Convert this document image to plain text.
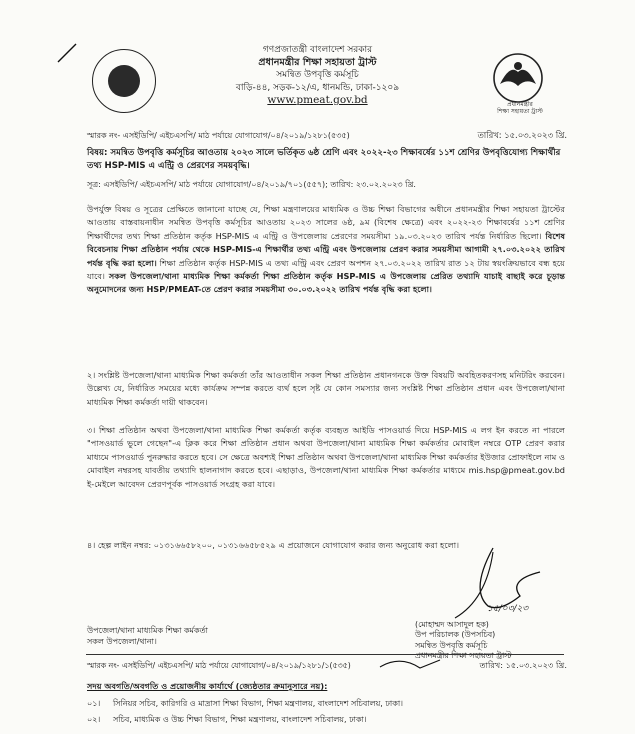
গণপ্রজাতন্ত্রী বাংলাদেশ সরকার
প্রধানমন্ত্রীর শিক্ষা সহায়তা ট্রাস্ট
সমন্বিত উপবৃত্তি কর্মসূচি
বাড়ি-৪৪, সড়ক-১২/এ, ধানমন্ডি, ঢাকা-১২০৯
www.pmeat.gov.bd	প্রধানমন্ত্রীর
শিক্ষা সহায়তা ট্রাস্ট
স্মারক নং- এসইডিপি/ এইচএসপি/ মাঠ পর্যায়ে যোগাযোগ/০৪/২০১৯/১২৮১(৫৩৫)	তারিখ: ১৫.০৩.২০২৩ খ্রি.
বিষয়: সমন্বিত উপবৃত্তি কর্মসূচির আওতায় ২০২৩ সালে ভর্তিকৃত ৬ষ্ঠ শ্রেণি এবং ২০২২-২৩ শিক্ষাবর্ষের ১১শ শ্রেণির উপবৃত্তিযোগ্য শিক্ষার্থীর তথ্য HSP-MIS এ এন্ট্রি ও প্রেরণের সময়বৃদ্ধি।
সূত্র: এসইডিপি/ এইচএসপি/ মাঠ পর্যায়ে যোগাযোগ/০৪/২০১৯/৭০১(৫৫৭); তারিখ: ২৩.০২.২০২৩ খ্রি.
উপর্যুক্ত বিষয় ও সূত্রের প্রেক্ষিতে জানানো যাচ্ছে যে, শিক্ষা মন্ত্রণালয়ের মাধ্যমিক ও উচ্চ শিক্ষা বিভাগের অধীনে প্রধানমন্ত্রীর শিক্ষা সহায়তা ট্রাস্টের আওতায় বাস্তবায়নাধীন সমন্বিত উপবৃত্তি কর্মসূচির আওতায় ২০২৩ সালের ৬ষ্ঠ, ৯ম (বিশেষ ক্ষেত্রে) এবং ২০২২-২৩ শিক্ষাবর্ষের ১১শ শ্রেণির শিক্ষার্থীদের তথ্য শিক্ষা প্রতিষ্ঠান কর্তৃক HSP-MIS এ এন্ট্রি ও উপজেলায় প্রেরণের সময়সীমা ১৯.০৩.২০২৩ তারিখ পর্যন্ত নির্ধারিত ছিলো। বিশেষ বিবেচনায় শিক্ষা প্রতিষ্ঠান পর্যায় থেকে HSP-MIS-এ শিক্ষার্থীর তথ্য এন্ট্রি এবং উপজেলায় প্রেরণ করার সময়সীমা আগামী ২৭.০৩.২০২২ তারিখ পর্যন্ত বৃদ্ধি করা হলো। শিক্ষা প্রতিষ্ঠান কর্তৃক HSP-MIS এ তথ্য এন্ট্রি এবং প্রেরণ অপশন ২৭.০৩.২০২২ তারিখ রাত ১২ টায় স্বয়ংক্রিয়ভাবে বন্ধ হয়ে যাবে। সকল উপজেলা/থানা মাধ্যমিক শিক্ষা কর্মকর্তা শিক্ষা প্রতিষ্ঠান কর্তৃক HSP-MIS এ উপজেলায় প্রেরিত তথ্যাদি যাচাই বাছাই করে চূড়ান্ত অনুমোদনের জন্য HSP/PMEAT-তে প্রেরণ করার সময়সীমা ৩০.০৩.২০২২ তারিখ পর্যন্ত বৃদ্ধি করা হলো।
২। সংশ্লিষ্ট উপজেলা/থানা মাধ্যমিক শিক্ষা কর্মকর্তা তাঁর আওতাধীন সকল শিক্ষা প্রতিষ্ঠান প্রধানগনকে উক্ত বিষয়টি অবহিতকরণসহ মনিটরিং করবেন। উল্লেখ্য যে, নির্ধারিত সময়ের মধ্যে কার্যক্রম সম্পন্ন করতে ব্যর্থ হলে সৃষ্ট যে কোন সমস্যার জন্য সংশ্লিষ্ট শিক্ষা প্রতিষ্ঠান প্রধান এবং উপজেলা/থানা মাধ্যমিক শিক্ষা কর্মকর্তা দায়ী থাকবেন।
৩। শিক্ষা প্রতিষ্ঠান অথবা উপজেলা/থানা মাধ্যমিক শিক্ষা কর্মকর্তা কর্তৃক ব্যবহৃত আইডি পাসওয়ার্ড দিয়ে HSP-MIS এ লগ ইন করতে না পারলে "পাসওয়ার্ড ভুলে গেছেন"-এ ক্লিক করে শিক্ষা প্রতিষ্ঠান প্রধান অথবা উপজেলা/থানা মাধ্যমিক শিক্ষা কর্মকর্তার মোবাইল নম্বরে OTP প্রেরণ করার মাধ্যমে পাসওয়ার্ড পুনরুদ্ধার করতে হবে। সে ক্ষেত্রে অবশ্যই শিক্ষা প্রতিষ্ঠান অথবা উপজেলা/থানা মাধ্যমিক শিক্ষা কর্মকর্তার ইউজার প্রোফাইলে নাম ও মোবাইল নম্বরসহ যাবতীয় তথ্যাদি হালনাগাদ করতে হবে। এছাড়াও, উপজেলা/থানা মাধ্যমিক শিক্ষা কর্মকর্তার মাধ্যমে mis.hsp@pmeat.gov.bd ই-মেইলে আবেদন প্রেরণপূর্বক পাসওয়ার্ড সংগ্রহ করা যাবে।
৪। হেল্প লাইন নম্বর: ০১৩১৬৬৫৮২০০, ০১৩১৬৬৫৮৫২৯ এ প্রয়োজনে যোগাযোগ করার জন্য অনুরোধ করা হলো।
১৫/০৩/২৩
(মোহাম্মদ আসাদুল হক)
উপ পরিচালক (উপসচিব)
সমন্বিত উপবৃত্তি কর্মসূচি
প্রধানমন্ত্রীর শিক্ষা সহায়তা ট্রাস্ট
উপজেলা/থানা মাধ্যমিক শিক্ষা কর্মকর্তা
সকল উপজেলা/থানা।
স্মারক নং- এসইডিপি/ এইচএসপি/ মাঠ পর্যায়ে যোগাযোগ/০৪/২০১৯/১২৮১/১(৫৩৫)	তারিখ: ১৫.০৩.২০২৩ খ্রি.
সদয় অবগতি/অবগতি ও প্রয়োজনীয় কার্যার্থে (জ্যেষ্ঠতার ক্রমানুসারে নয়):
০১। সিনিয়র সচিব, কারিগরি ও মাদ্রাসা শিক্ষা বিভাগ, শিক্ষা মন্ত্রণালয়, বাংলাদেশ সচিবালয়, ঢাকা।
০২। সচিব, মাধ্যমিক ও উচ্চ শিক্ষা বিভাগ, শিক্ষা মন্ত্রণালয়, বাংলাদেশ সচিবালয়, ঢাকা।
